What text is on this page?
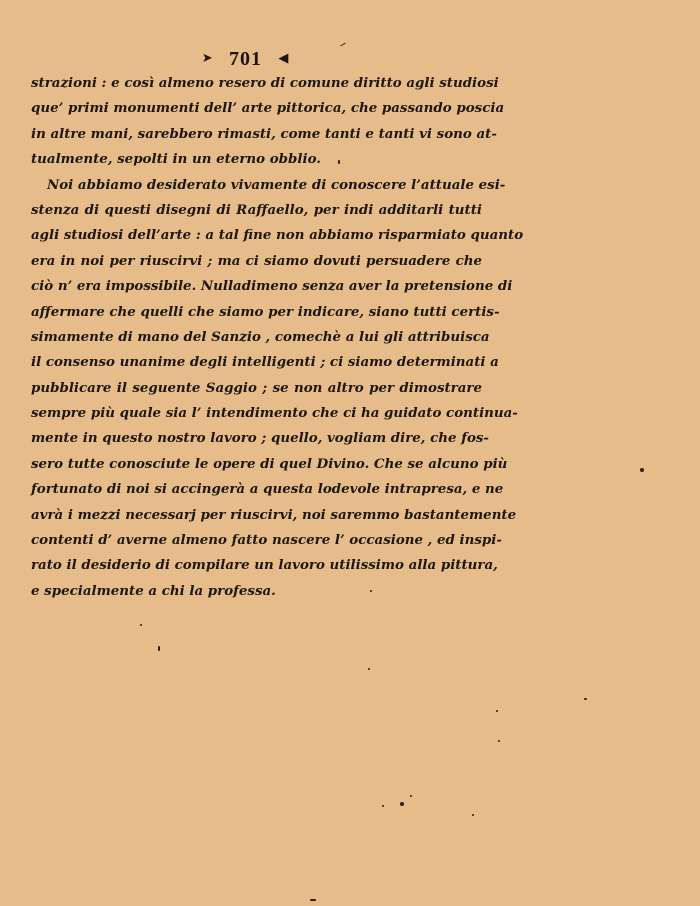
➤ 701 ◀
strazioni : e così almeno resero di comune diritto agli studiosi
que’ primi monumenti dell’ arte pittorica, che passando poscia
in altre mani, sarebbero rimasti, come tanti e tanti vi sono at-
tualmente, sepolti in un eterno obblio.
Noi abbiamo desiderato vivamente di conoscere l’attuale esi-
stenza di questi disegni di Raffaello, per indi additarli tutti
agli studiosi dell’arte : a tal fine non abbiamo risparmiato quanto
era in noi per riuscirvi ; ma ci siamo dovuti persuadere che
ciò n’ era impossibile. Nulladimeno senza aver la pretensione di
affermare che quelli che siamo per indicare, siano tutti certis-
simamente di mano del Sanzio , comechè a lui gli attribuisca
il consenso unanime degli intelligenti ; ci siamo determinati a
pubblicare il seguente Saggio ; se non altro per dimostrare
sempre più quale sia l’ intendimento che ci ha guidato continua-
mente in questo nostro lavoro ; quello, vogliam dire, che fos-
sero tutte conosciute le opere di quel Divino. Che se alcuno più
fortunato di noi si accingerà a questa lodevole intrapresa, e ne
avrà i mezzi necessarj per riuscirvi, noi saremmo bastantemente
contenti d’ averne almeno fatto nascere l’ occasione , ed inspi-
rato il desiderio di compilare un lavoro utilissimo alla pittura,
e specialmente a chi la professa.
